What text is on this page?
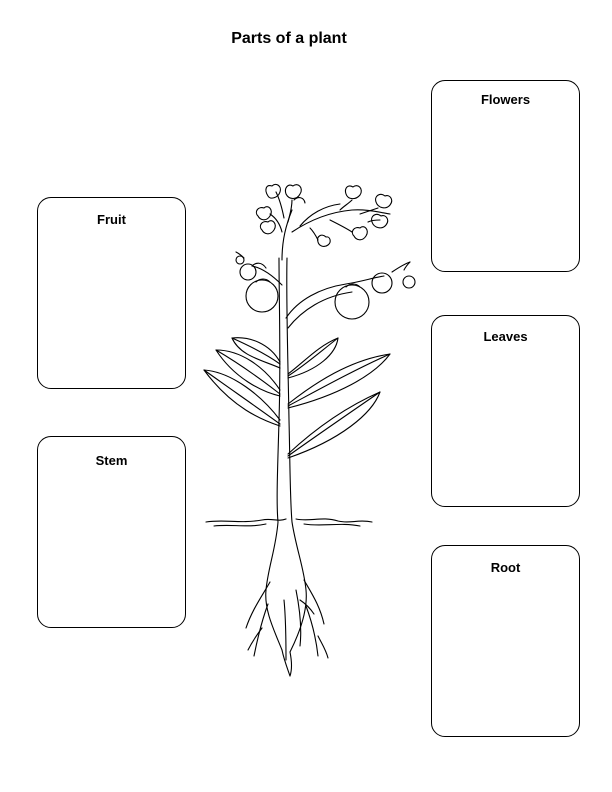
Parts of a plant
Fruit
Stem
Flowers
Leaves
Root
